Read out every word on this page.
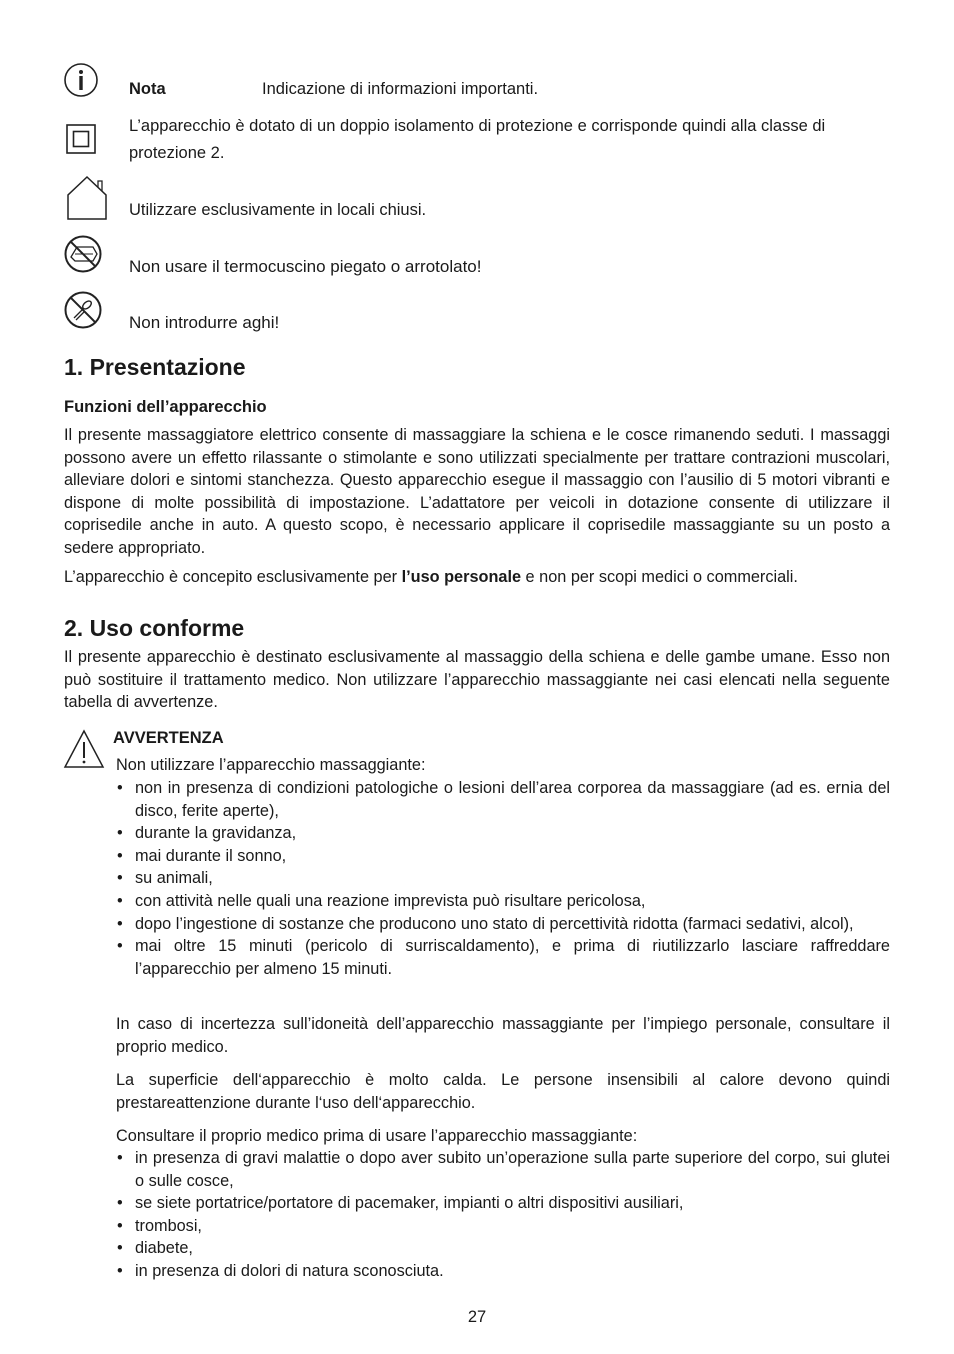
Nota	Indicazione di informazioni importanti.
L’apparecchio è dotato di un doppio isolamento di protezione e corrisponde quindi alla classe di
protezione 2.
Utilizzare esclusivamente in locali chiusi.
Non usare il termocuscino piegato o arrotolato!
Non introdurre aghi!
1. Presentazione
Funzioni dell’apparecchio

Il presente massaggiatore elettrico consente di massaggiare la schiena e le cosce rimanendo seduti. I massaggi possono avere un effetto rilassante o stimolante e sono utilizzati specialmente per trattare contrazioni muscolari, alleviare dolori e sintomi stanchezza. Questo apparecchio esegue il massaggio con l’ausilio di 5 motori vibranti e dispone di molte possibilità di impostazione. L’adattatore per veicoli in dotazione consente di utilizzare il coprisedile anche in auto. A questo scopo, è necessario applicare il coprisedile massaggiante su un posto a sedere appropriato.

L’apparecchio è concepito esclusivamente per l’uso personale e non per scopi medici o commerciali.

2. Uso conforme

Il presente apparecchio è destinato esclusivamente al massaggio della schiena e delle gambe umane. Esso non può sostituire il trattamento medico. Non utilizzare l’apparecchio massaggiante nei casi elencati nella seguente tabella di avvertenze.

AVVERTENZA

Non utilizzare l’apparecchio massaggiante:

• non in presenza di condizioni patologiche o lesioni dell’area corporea da massaggiare (ad es. ernia del disco, ferite aperte),
• durante la gravidanza,
• mai durante il sonno,
• su animali,
• con attività nelle quali una reazione imprevista può risultare pericolosa,
• dopo l’ingestione di sostanze che producono uno stato di percettività ridotta (farmaci sedativi, alcol),
• mai oltre 15 minuti (pericolo di surriscaldamento), e prima di riutilizzarlo lasciare raffreddare l’apparecchio per almeno 15 minuti.

In caso di incertezza sull’idoneità dell’apparecchio massaggiante per l’impiego personale, consultare il proprio medico.

La superficie dell‘apparecchio è molto calda. Le persone insensibili al calore devono quindi prestareattenzione durante l‘uso dell‘apparecchio.

Consultare il proprio medico prima di usare l’apparecchio massaggiante:

• in presenza di gravi malattie o dopo aver subito un’operazione sulla parte superiore del corpo, sui glutei o sulle cosce,
• se siete portatrice/portatore di pacemaker, impianti o altri dispositivi ausiliari,
• trombosi,
• diabete,
• in presenza di dolori di natura sconosciuta.
27
